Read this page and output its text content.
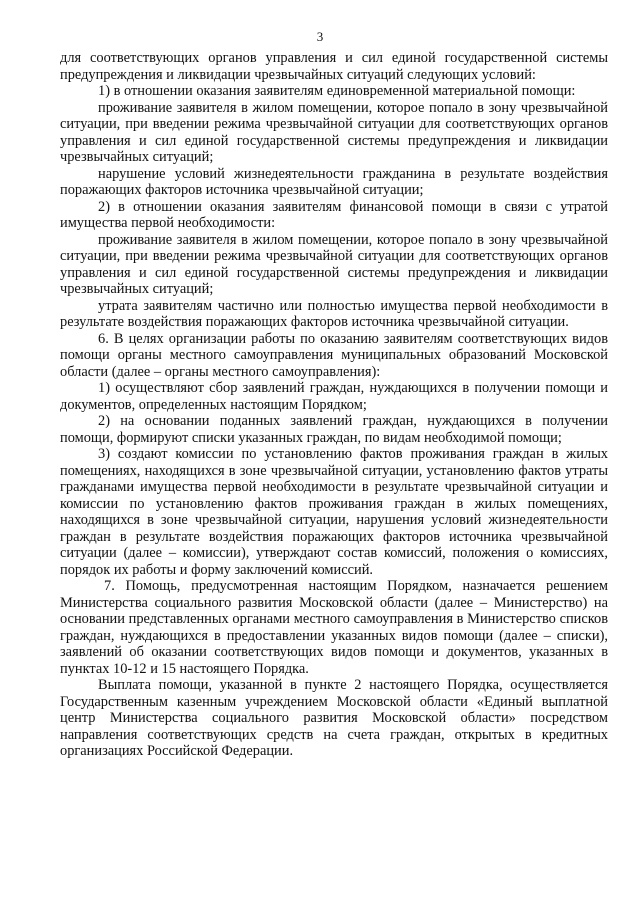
3

для соответствующих органов управления и сил единой государственной системы предупреждения и ликвидации чрезвычайных ситуаций следующих условий:

1) в отношении оказания заявителям единовременной материальной помощи:

проживание заявителя в жилом помещении, которое попало в зону чрезвычайной ситуации, при введении режима чрезвычайной ситуации для соответствующих органов управления и сил единой государственной системы предупреждения и ликвидации чрезвычайных ситуаций;

нарушение условий жизнедеятельности гражданина в результате воздействия поражающих факторов источника чрезвычайной ситуации;

2) в отношении оказания заявителям финансовой помощи в связи с утратой имущества первой необходимости:

проживание заявителя в жилом помещении, которое попало в зону чрезвычайной ситуации, при введении режима чрезвычайной ситуации для соответствующих органов управления и сил единой государственной системы предупреждения и ликвидации чрезвычайных ситуаций;

утрата заявителям частично или полностью имущества первой необходимости в результате воздействия поражающих факторов источника чрезвычайной ситуации.

6. В целях организации работы по оказанию заявителям соответствующих видов помощи органы местного самоуправления муниципальных образований Московской области (далее – органы местного самоуправления):

1) осуществляют сбор заявлений граждан, нуждающихся в получении помощи и документов, определенных настоящим Порядком;

2) на основании поданных заявлений граждан, нуждающихся в получении помощи, формируют списки указанных граждан, по видам необходимой помощи;

3) создают комиссии по установлению фактов проживания граждан в жилых помещениях, находящихся в зоне чрезвычайной ситуации, установлению фактов утраты гражданами имущества первой необходимости в результате чрезвычайной ситуации и комиссии по установлению фактов проживания граждан в жилых помещениях, находящихся в зоне чрезвычайной ситуации, нарушения условий жизнедеятельности граждан в результате воздействия поражающих факторов источника чрезвычайной ситуации (далее – комиссии), утверждают состав комиссий, положения о комиссиях, порядок их работы и форму заключений комиссий.

7. Помощь, предусмотренная настоящим Порядком, назначается решением Министерства социального развития Московской области (далее – Министерство) на основании представленных органами местного самоуправления в Министерство списков граждан, нуждающихся в предоставлении указанных видов помощи (далее – списки), заявлений об оказании соответствующих видов помощи и документов, указанных в пунктах 10-12 и 15 настоящего Порядка.

Выплата помощи, указанной в пункте 2 настоящего Порядка, осуществляется Государственным казенным учреждением Московской области «Единый выплатной центр Министерства социального развития Московской области» посредством направления соответствующих средств на счета граждан, открытых в кредитных организациях Российской Федерации.
